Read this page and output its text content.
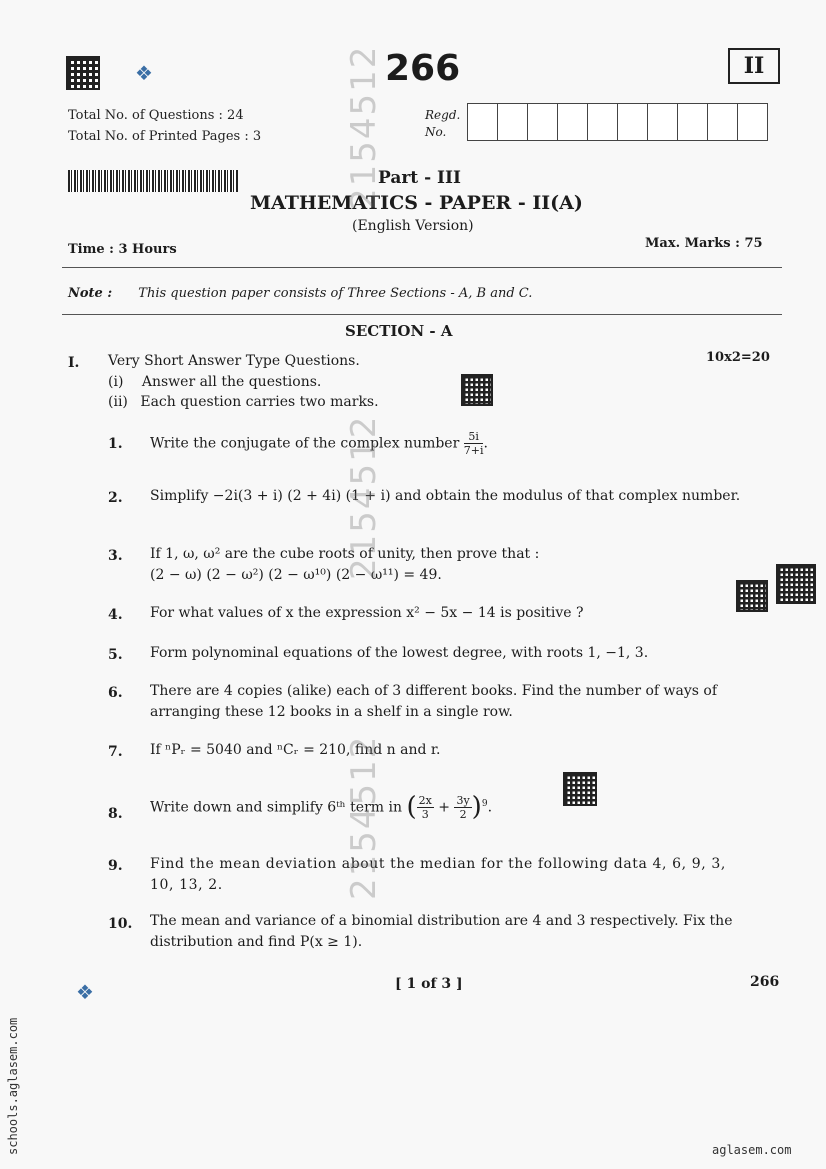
❖	266	II
Total No. of Questions : 24
Total No. of Printed Pages : 3
Regd.
No.
Part - III
MATHEMATICS - PAPER - II(A)
(English Version)
Time : 3 Hours	Max. Marks : 75
Note : This question paper consists of Three Sections - A, B and C.
SECTION - A
I. Very Short Answer Type Questions.	10x2=20
(i) Answer all the questions.
(ii) Each question carries two marks.
1.	Write the conjugate of the complex number $\frac{5i}{7+i}$ .
2.	Simplify −2i(3 + i) (2 + 4i) (1 + i) and obtain the modulus of that complex number.
3.	If 1, ω, ω² are the cube roots of unity, then prove that :
(2 − ω) (2 − ω²) (2 − ω¹⁰) (2 − ω¹¹) = 49.
4.	For what values of x the expression x² − 5x − 14 is positive ?
5.	Form polynominal equations of the lowest degree, with roots 1, −1, 3.
6.	There are 4 copies (alike) each of 3 different books. Find the number of ways of arranging these 12 books in a shelf in a single row.
7.	If ⁿPᵣ = 5040 and ⁿCᵣ = 210, find n and r.
8.	Write down and simplify 6ᵗʰ term in ( $\frac{2x}{3} + \frac{3y}{2} )^9$.
9.	Find the mean deviation about the median for the following data 4, 6, 9, 3, 10, 13, 2.
10.	The mean and variance of a binomial distribution are 4 and 3 respectively. Fix the distribution and find P(x ≥ 1).
2154512
2154512
2154512
❖	[ 1 of 3 ]	266
schools.aglasem.com	aglasem.com
